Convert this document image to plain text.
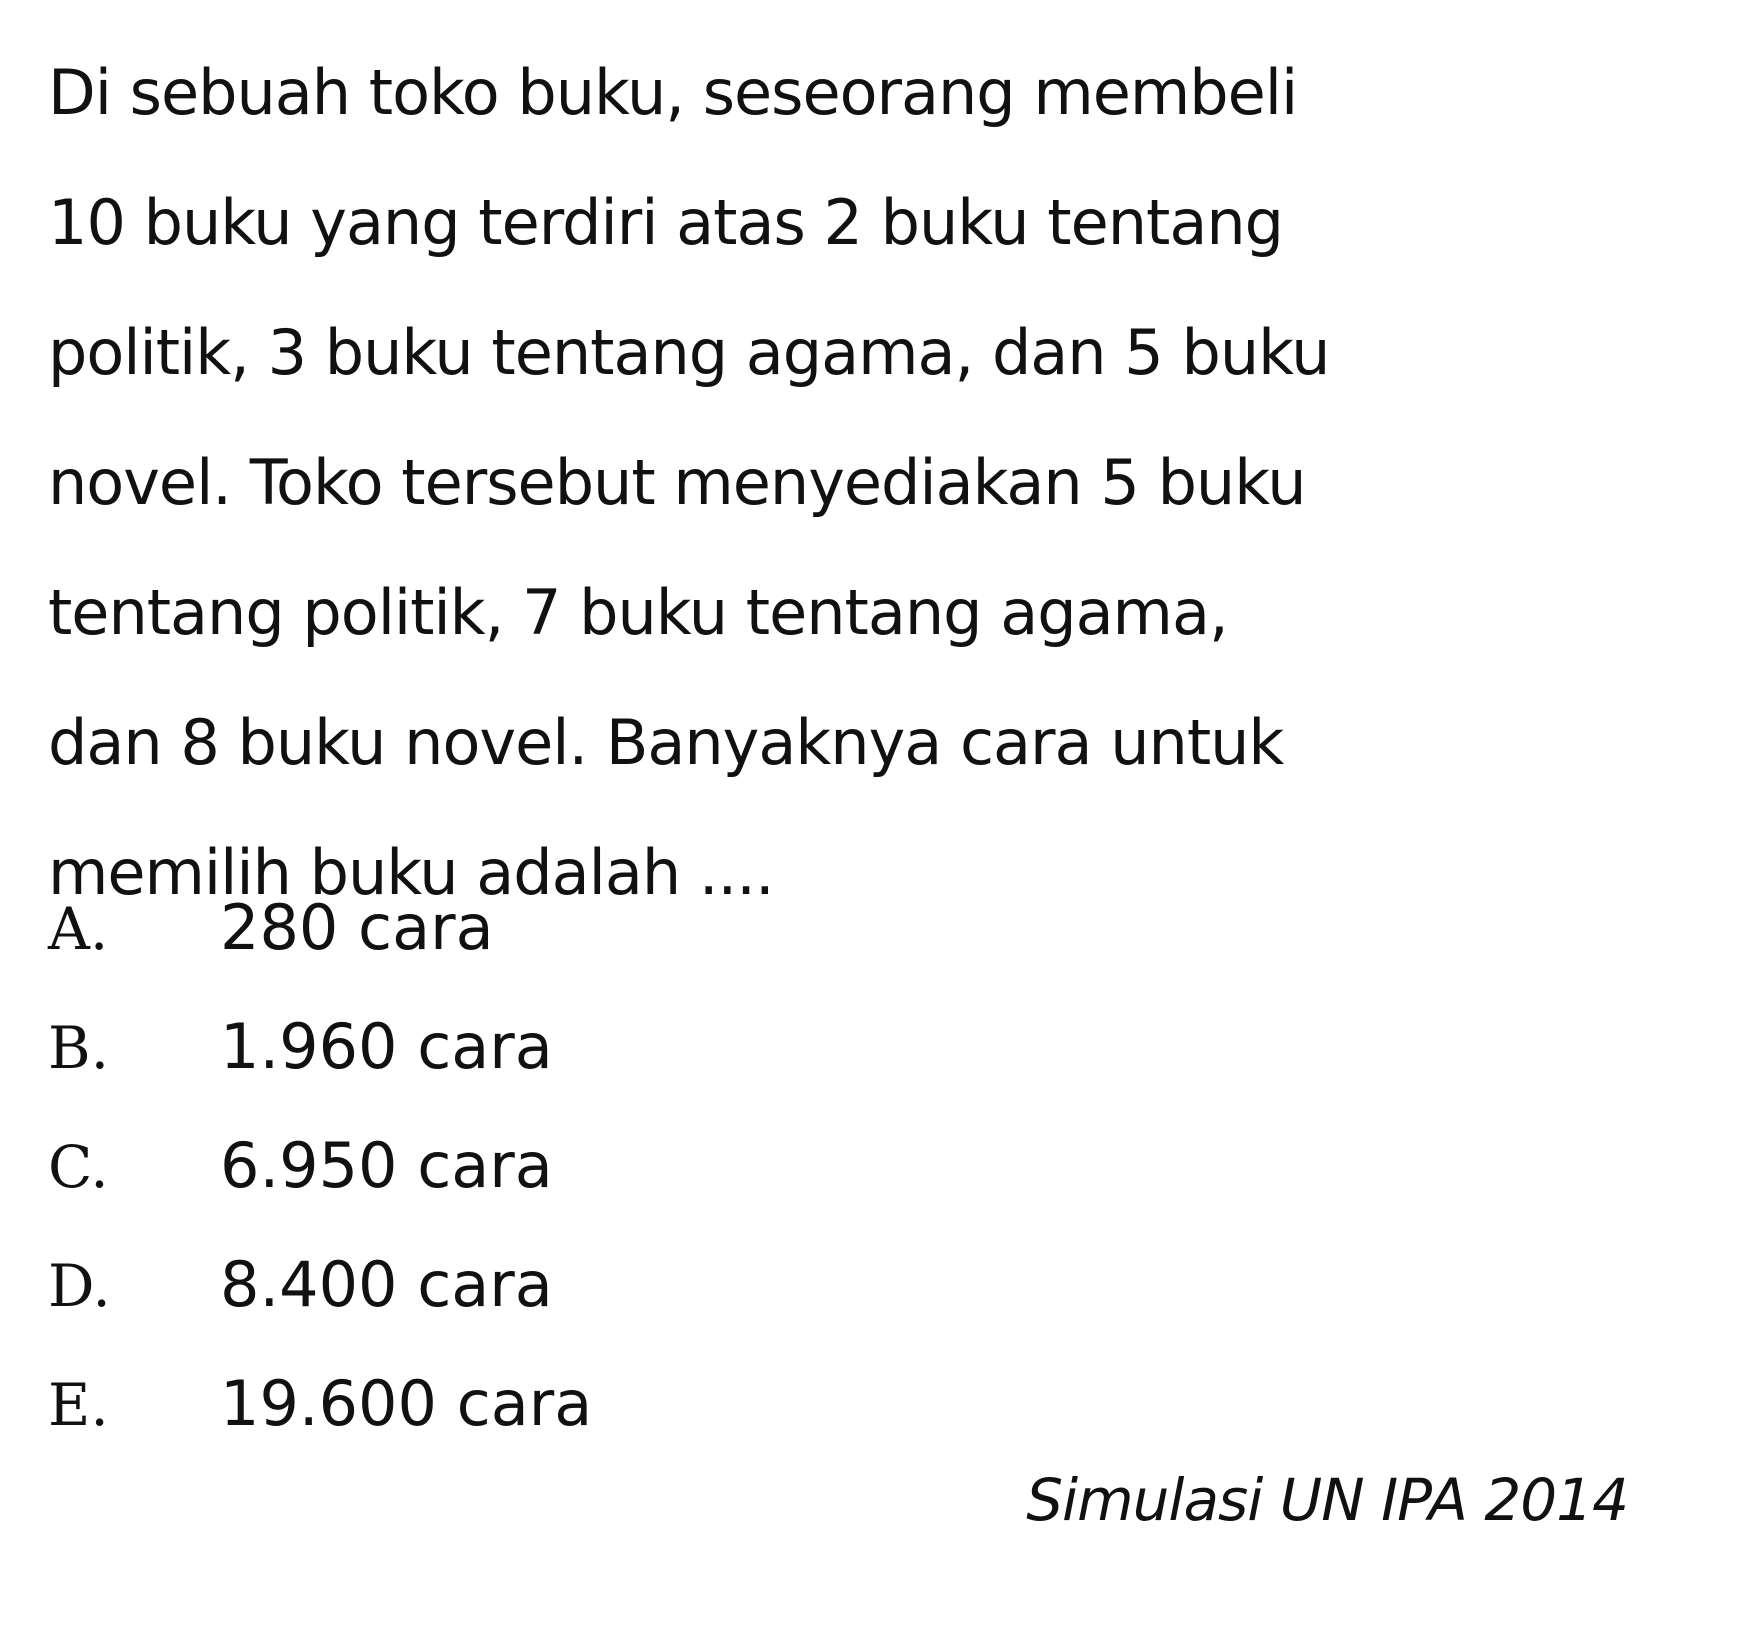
Di sebuah toko buku, seseorang membeli
10 buku yang terdiri atas 2 buku tentang
politik, 3 buku tentang agama, dan 5 buku
novel. Toko tersebut menyediakan 5 buku
tentang politik, 7 buku tentang agama,
dan 8 buku novel. Banyaknya cara untuk
memilih buku adalah ....
A.	280 cara
B.	1.960 cara
C.	6.950 cara
D.	8.400 cara
E.	19.600 cara
Simulasi UN IPA 2014
